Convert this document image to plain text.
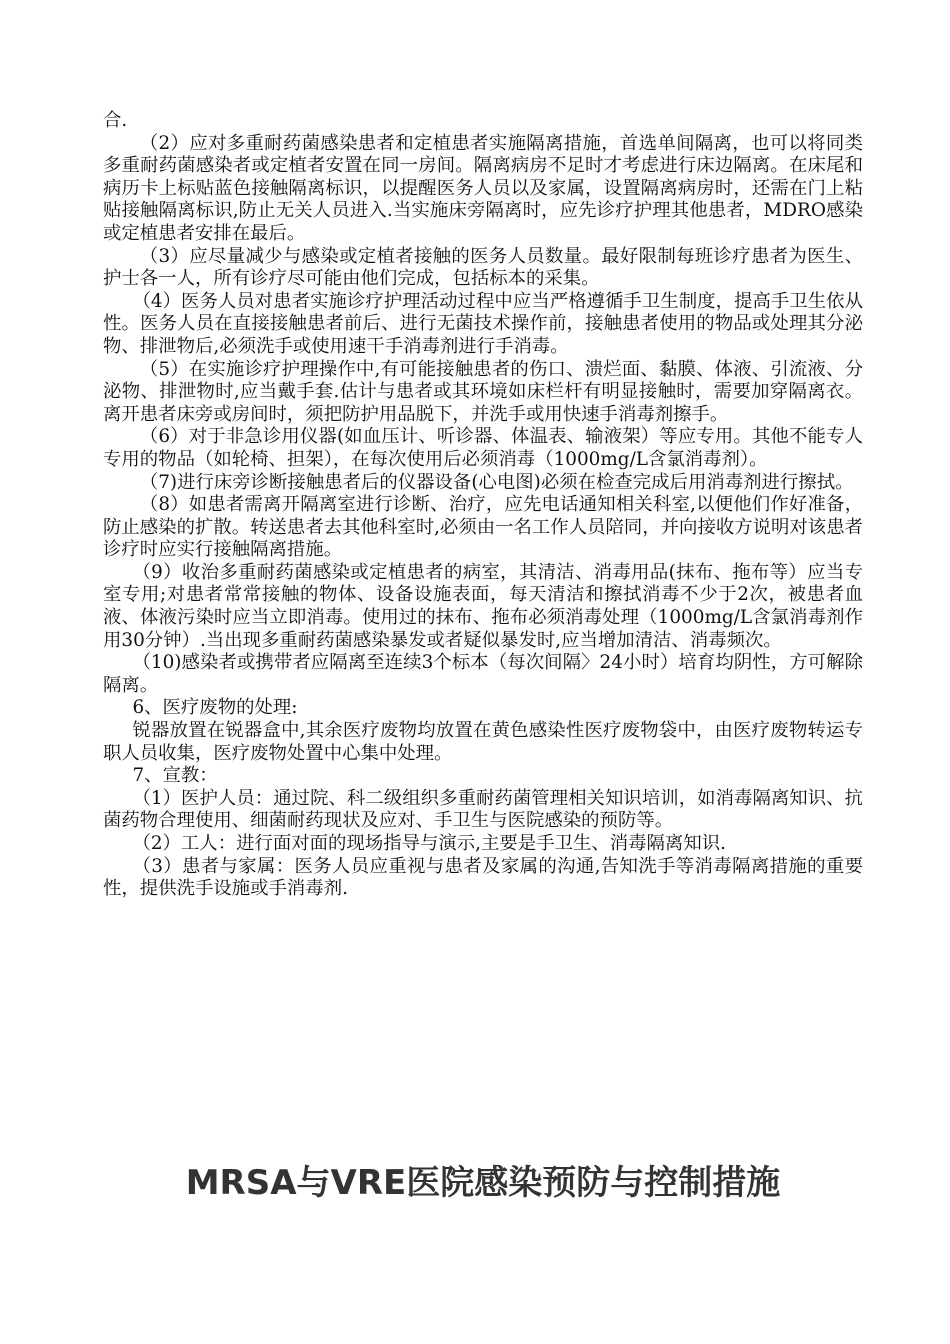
合.

（2）应对多重耐药菌感染患者和定植患者实施隔离措施，首选单间隔离，也可以将同类多重耐药菌感染者或定植者安置在同一房间。隔离病房不足时才考虑进行床边隔离。在床尾和病历卡上标贴蓝色接触隔离标识，以提醒医务人员以及家属，设置隔离病房时，还需在门上粘贴接触隔离标识,防止无关人员进入.当实施床旁隔离时，应先诊疗护理其他患者，MDRO感染或定植患者安排在最后。

（3）应尽量减少与感染或定植者接触的医务人员数量。最好限制每班诊疗患者为医生、护士各一人，所有诊疗尽可能由他们完成，包括标本的采集。

（4）医务人员对患者实施诊疗护理活动过程中应当严格遵循手卫生制度，提高手卫生依从性。医务人员在直接接触患者前后、进行无菌技术操作前，接触患者使用的物品或处理其分泌物、排泄物后,必须洗手或使用速干手消毒剂进行手消毒。

（5）在实施诊疗护理操作中,有可能接触患者的伤口、溃烂面、黏膜、体液、引流液、分泌物、排泄物时,应当戴手套.估计与患者或其环境如床栏杆有明显接触时，需要加穿隔离衣。离开患者床旁或房间时，须把防护用品脱下，并洗手或用快速手消毒剂擦手。

（6）对于非急诊用仪器(如血压计、听诊器、体温表、输液架）等应专用。其他不能专人专用的物品（如轮椅、担架），在每次使用后必须消毒（1000mg/L含氯消毒剂）。

（7)进行床旁诊断接触患者后的仪器设备(心电图)必须在检查完成后用消毒剂进行擦拭。

（8）如患者需离开隔离室进行诊断、治疗，应先电话通知相关科室,以便他们作好准备，防止感染的扩散。转送患者去其他科室时,必须由一名工作人员陪同，并向接收方说明对该患者诊疗时应实行接触隔离措施。

（9）收治多重耐药菌感染或定植患者的病室，其清洁、消毒用品(抹布、拖布等）应当专室专用;对患者常常接触的物体、设备设施表面，每天清洁和擦拭消毒不少于2次，被患者血液、体液污染时应当立即消毒。使用过的抹布、拖布必须消毒处理（1000mg/L含氯消毒剂作用30分钟）.当出现多重耐药菌感染暴发或者疑似暴发时,应当增加清洁、消毒频次。

（10)感染者或携带者应隔离至连续3个标本（每次间隔〉24小时）培育均阴性，方可解除隔离。

6、医疗废物的处理:

锐器放置在锐器盒中,其余医疗废物均放置在黄色感染性医疗废物袋中，由医疗废物转运专职人员收集，医疗废物处置中心集中处理。

7、宣教：

（1）医护人员：通过院、科二级组织多重耐药菌管理相关知识培训，如消毒隔离知识、抗菌药物合理使用、细菌耐药现状及应对、手卫生与医院感染的预防等。

（2）工人：进行面对面的现场指导与演示,主要是手卫生、消毒隔离知识.

（3）患者与家属：医务人员应重视与患者及家属的沟通,告知洗手等消毒隔离措施的重要性，提供洗手设施或手消毒剂.

MRSA与VRE医院感染预防与控制措施
